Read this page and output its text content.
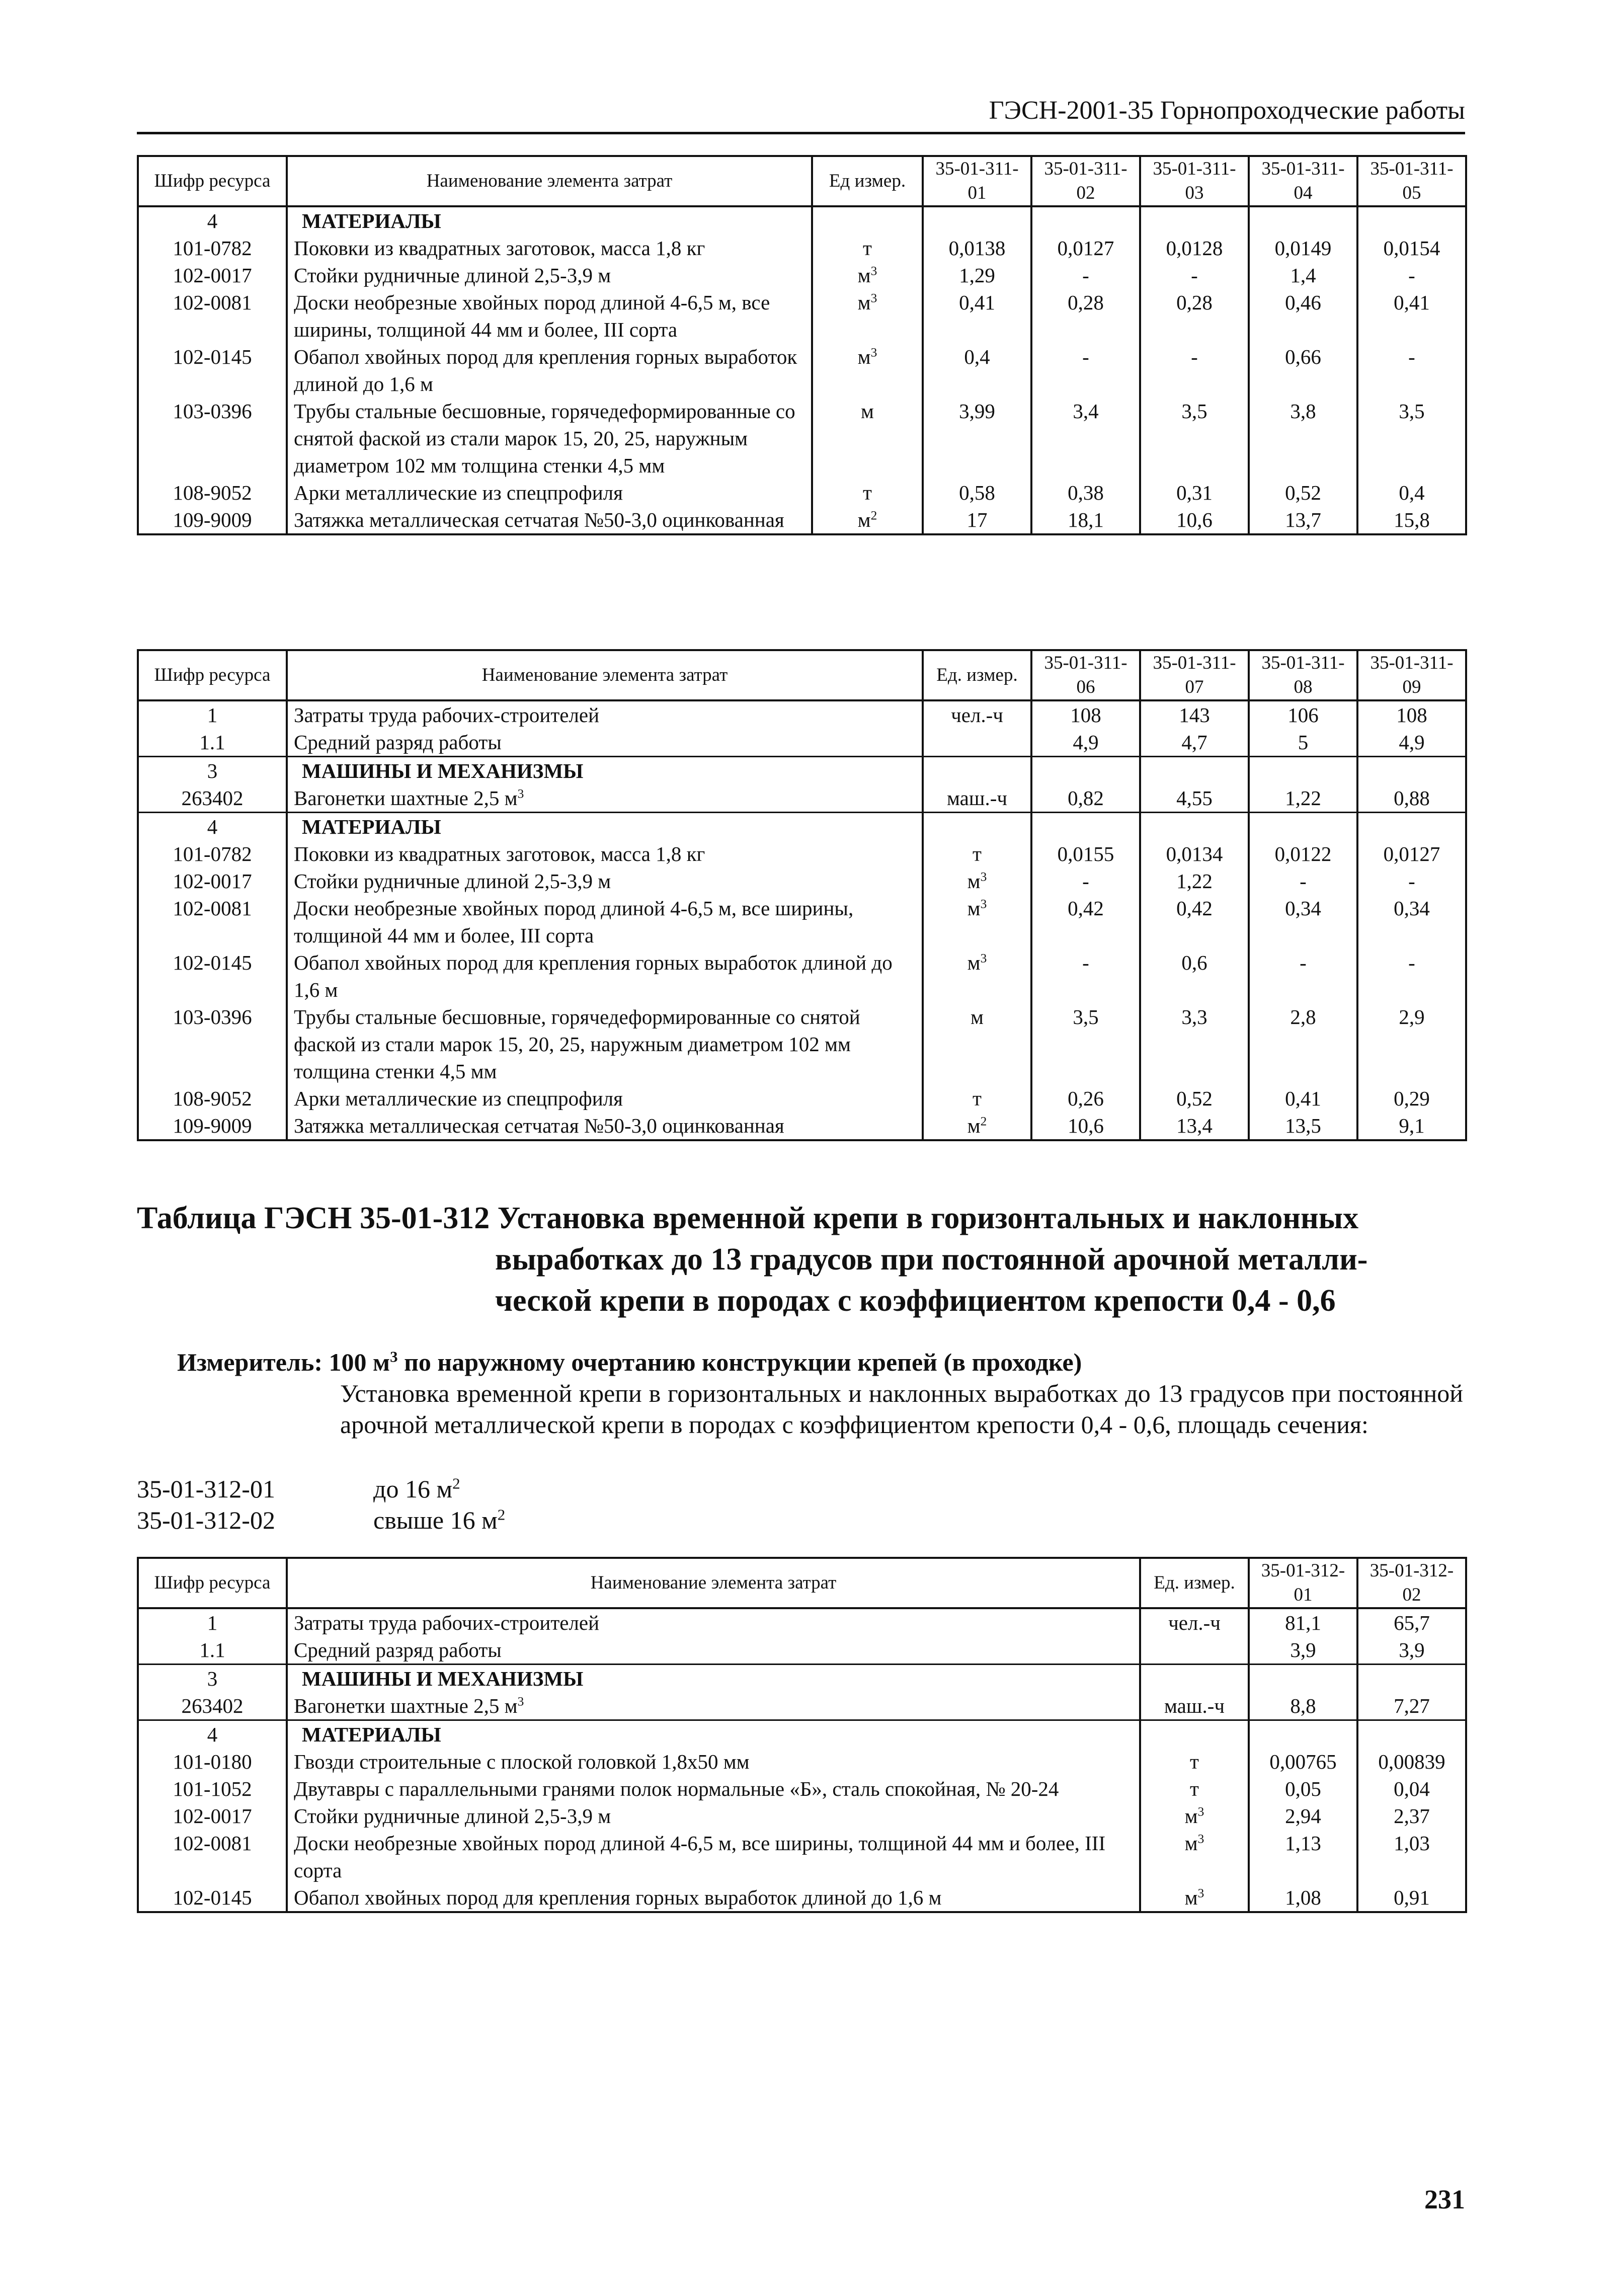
ГЭСН-2001-35 Горнопроходческие работы
Шифр ресурса	Наименование элемента затрат	Ед измер.	35-01-311-01	35-01-311-02	35-01-311-03	35-01-311-04	35-01-311-05
4	МАТЕРИАЛЫ						
101-0782	Поковки из квадратных заготовок, масса 1,8 кг	т	0,0138	0,0127	0,0128	0,0149	0,0154
102-0017	Стойки рудничные длиной 2,5-3,9 м	$м^3$	1,29	-	-	1,4	-
102-0081	Доски необрезные хвойных пород длиной 4-6,5 м, все ширины, толщиной 44 мм и более, III сорта	$м^3$	0,41	0,28	0,28	0,46	0,41
102-0145	Обапол хвойных пород для крепления горных выработок длиной до 1,6 м	$м^3$	0,4	-	-	0,66	-
103-0396	Трубы стальные бесшовные, горячедеформированные со снятой фаской из стали марок 15, 20, 25, наружным диаметром 102 мм толщина стенки 4,5 мм	м	3,99	3,4	3,5	3,8	3,5
108-9052	Арки металлические из спецпрофиля	т	0,58	0,38	0,31	0,52	0,4
109-9009	Затяжка металлическая сетчатая №50-3,0 оцинкованная	$м^2$	17	18,1	10,6	13,7	15,8
Шифр ресурса	Наименование элемента затрат	Ед. измер.	35-01-311-06	35-01-311-07	35-01-311-08	35-01-311-09
1	Затраты труда рабочих-строителей	чел.-ч	108	143	106	108
1.1	Средний разряд работы		4,9	4,7	5	4,9
3	МАШИНЫ И МЕХАНИЗМЫ					
263402	Вагонетки шахтные 2,5 $м^3$	маш.-ч	0,82	4,55	1,22	0,88
4	МАТЕРИАЛЫ					
101-0782	Поковки из квадратных заготовок, масса 1,8 кг	т	0,0155	0,0134	0,0122	0,0127
102-0017	Стойки рудничные длиной 2,5-3,9 м	$м^3$	-	1,22	-	-
102-0081	Доски необрезные хвойных пород длиной 4-6,5 м, все ширины, толщиной 44 мм и более, III сорта	$м^3$	0,42	0,42	0,34	0,34
102-0145	Обапол хвойных пород для крепления горных выработок длиной до 1,6 м	$м^3$	-	0,6	-	-
103-0396	Трубы стальные бесшовные, горячедеформированные со снятой фаской из стали марок 15, 20, 25, наружным диаметром 102 мм толщина стенки 4,5 мм	м	3,5	3,3	2,8	2,9
108-9052	Арки металлические из спецпрофиля	т	0,26	0,52	0,41	0,29
109-9009	Затяжка металлическая сетчатая №50-3,0 оцинкованная	$м^2$	10,6	13,4	13,5	9,1
Таблица ГЭСН 35-01-312 Установка временной крепи в горизонтальных и наклонных
выработках до 13 градусов при постоянной арочной металли-
ческой крепи в породах с коэффициентом крепости 0,4 - 0,6
Измеритель: 100 $м^3$ по наружному очертанию конструкции крепей (в проходке)
Установка временной крепи в горизонтальных и наклонных выработках до 13 градусов при постоянной арочной металлической крепи в породах с коэффициентом крепости 0,4 - 0,6, площадь сечения:
35-01-312-01	до 16 $м^2$
35-01-312-02	свыше 16 $м^2$
Шифр ресурса	Наименование элемента затрат	Ед. измер.	35-01-312-01	35-01-312-02
1	Затраты труда рабочих-строителей	чел.-ч	81,1	65,7
1.1	Средний разряд работы		3,9	3,9
3	МАШИНЫ И МЕХАНИЗМЫ			
263402	Вагонетки шахтные 2,5 $м^3$	маш.-ч	8,8	7,27
4	МАТЕРИАЛЫ			
101-0180	Гвозди строительные с плоской головкой 1,8х50 мм	т	0,00765	0,00839
101-1052	Двутавры с параллельными гранями полок нормальные «Б», сталь спокойная, № 20-24	т	0,05	0,04
102-0017	Стойки рудничные длиной 2,5-3,9 м	$м^3$	2,94	2,37
102-0081	Доски необрезные хвойных пород длиной 4-6,5 м, все ширины, толщиной 44 мм и более, III сорта	$м^3$	1,13	1,03
102-0145	Обапол хвойных пород для крепления горных выработок длиной до 1,6 м	$м^3$	1,08	0,91
231
